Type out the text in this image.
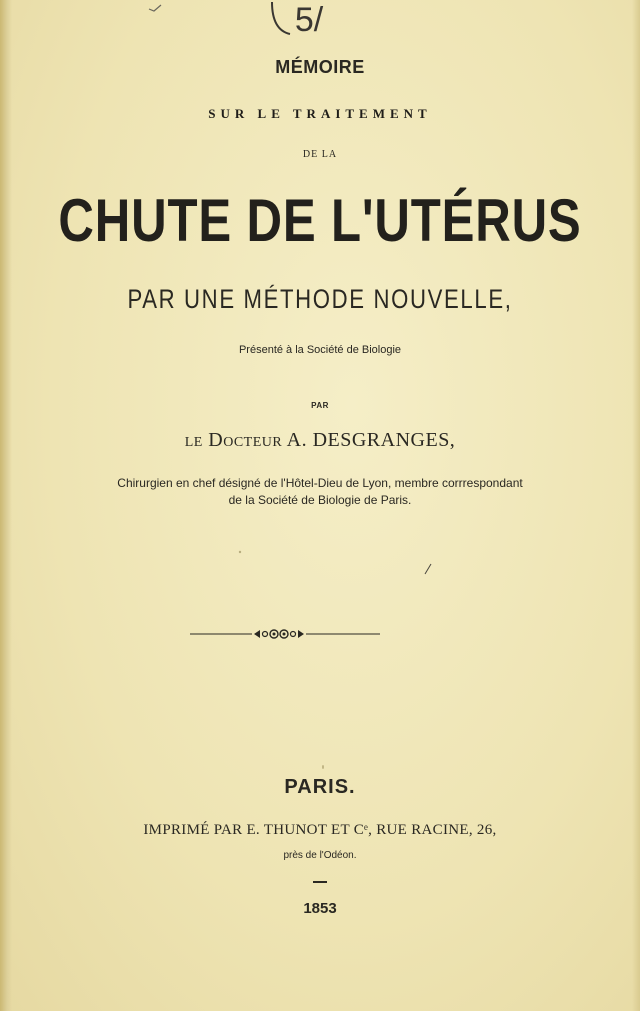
5/
MÉMOIRE
SUR LE TRAITEMENT
DE LA
CHUTE DE L'UTÉRUS
PAR UNE MÉTHODE NOUVELLE,
Présenté à la Société de Biologie
PAR
le Docteur A. DESGRANGES,
Chirurgien en chef désigné de l'Hôtel-Dieu de Lyon, membre corrrespondant
de la Société de Biologie de Paris.
PARIS.
IMPRIMÉ PAR E. THUNOT ET Cᵉ, RUE RACINE, 26,
près de l'Odéon.
1853
